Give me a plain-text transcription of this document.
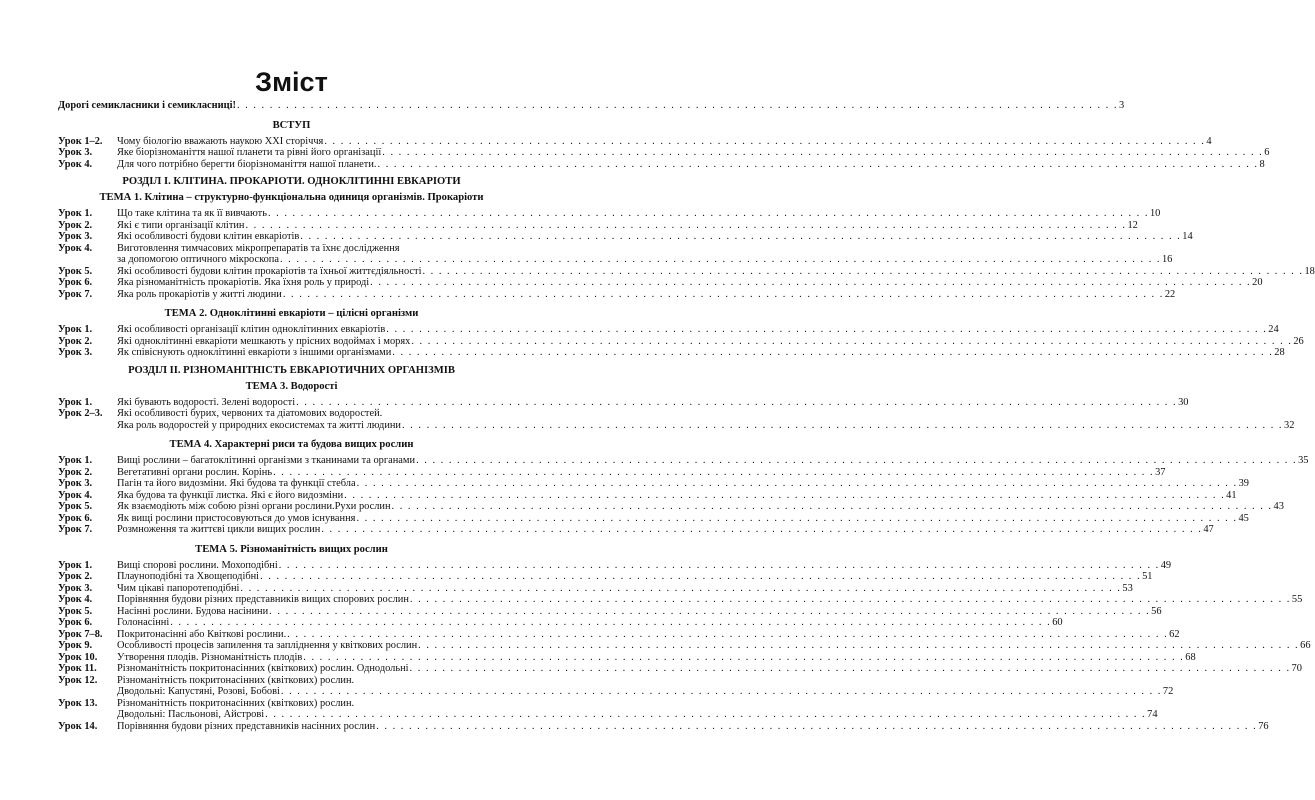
Зміст
Дорогі семикласники і семикласниці! . . .	3
ВСТУП
Урок 1–2.	Чому біологію вважають наукою XXI сторіччя . . .	4
Урок 3.	Яке біорізноманіття нашої планети та рівні його організації . . .	6
Урок 4.	Для чого потрібно берегти біорізноманіття нашої планети. . . .	8
РОЗДІЛ І. КЛІТИНА. ПРОКАРІОТИ. ОДНОКЛІТИННІ ЕВКАРІОТИ
ТЕМА 1. Клітина – структурно-функціональна одиниця організмів. Прокаріоти
Урок 1.	Що таке клітина та як її вивчають . . .	10
Урок 2.	Які є типи організації клітин . . .	12
Урок 3.	Які особливості будови клітин евкаріотів . . .	14
Урок 4.	Виготовлення тимчасових мікропрепаратів та їхнє дослідження
за допомогою оптичного мікроскопа . . .	16
Урок 5.	Які особливості будови клітин прокаріотів та їхньої життєдіяльності . . .	18
Урок 6.	Яка різноманітність прокаріотів. Яка їхня роль у природі . . .	20
Урок 7.	Яка роль прокаріотів у житті людини . . .	22
ТЕМА 2. Одноклітинні евкаріоти – цілісні організми
Урок 1.	Які особливості організації клітин одноклітинних евкаріотів . . .	24
Урок 2.	Які одноклітинні евкаріоти мешкають у прісних водоймах і морях . . .	26
Урок 3.	Як співіснують одноклітинні евкаріоти з іншими організмами . . .	28
РОЗДІЛ ІІ. РІЗНОМАНІТНІСТЬ ЕВКАРІОТИЧНИХ ОРГАНІЗМІВ
ТЕМА 3. Водорості
Урок 1.	Які бувають водорості. Зелені водорості . . .	30
Урок 2–3.	Які особливості бурих, червоних та діатомових водоростей.
Яка роль водоростей у природних екосистемах та житті людини . . .	32
ТЕМА 4. Характерні риси та будова вищих рослин
Урок 1.	Вищі рослини – багатоклітинні організми з тканинами та органами . . .	35
Урок 2.	Вегетативні органи рослин. Корінь . . .	37
Урок 3.	Пагін та його видозміни. Які будова та функції стебла . . .	39
Урок 4.	Яка будова та функції листка. Які є його видозміни . . .	41
Урок 5.	Як взаємодіють між собою різні органи рослини.Рухи рослин . . .	43
Урок 6.	Як вищі рослини пристосовуються до умов існування . . .	45
Урок 7.	Розмноження та життєві цикли вищих рослин . . .	47
ТЕМА 5. Різноманітність вищих рослин
Урок 1.	Вищі спорові рослини. Мохоподібні . . .	49
Урок 2.	Плауноподібні та Хвощеподібні . . .	51
Урок 3.	Чим цікаві папоротеподібні . . .	53
Урок 4.	Порівняння будови різних представників вищих спорових рослин . . .	55
Урок 5.	Насінні рослини. Будова насінини . . .	56
Урок 6.	Голонасінні . . .	60
Урок 7–8.	Покритонасінні або Квіткові рослини. . . .	62
Урок 9.	Особливості процесів запилення та запліднення у квіткових рослин . . .	66
Урок 10.	Утворення плодів. Різноманітність плодів . . .	68
Урок 11.	Різноманітність покритонасінних (квіткових) рослин. Однодольні . . .	70
Урок 12.	Різноманітність покритонасінних (квіткових) рослин.
Дводольні: Капустяні, Розові, Бобові . . .	72
Урок 13.	Різноманітність покритонасінних (квіткових) рослин.
Дводольні: Пасльонові, Айстрові . . .	74
Урок 14.	Порівняння будови різних представників насінних рослин . . .	76
